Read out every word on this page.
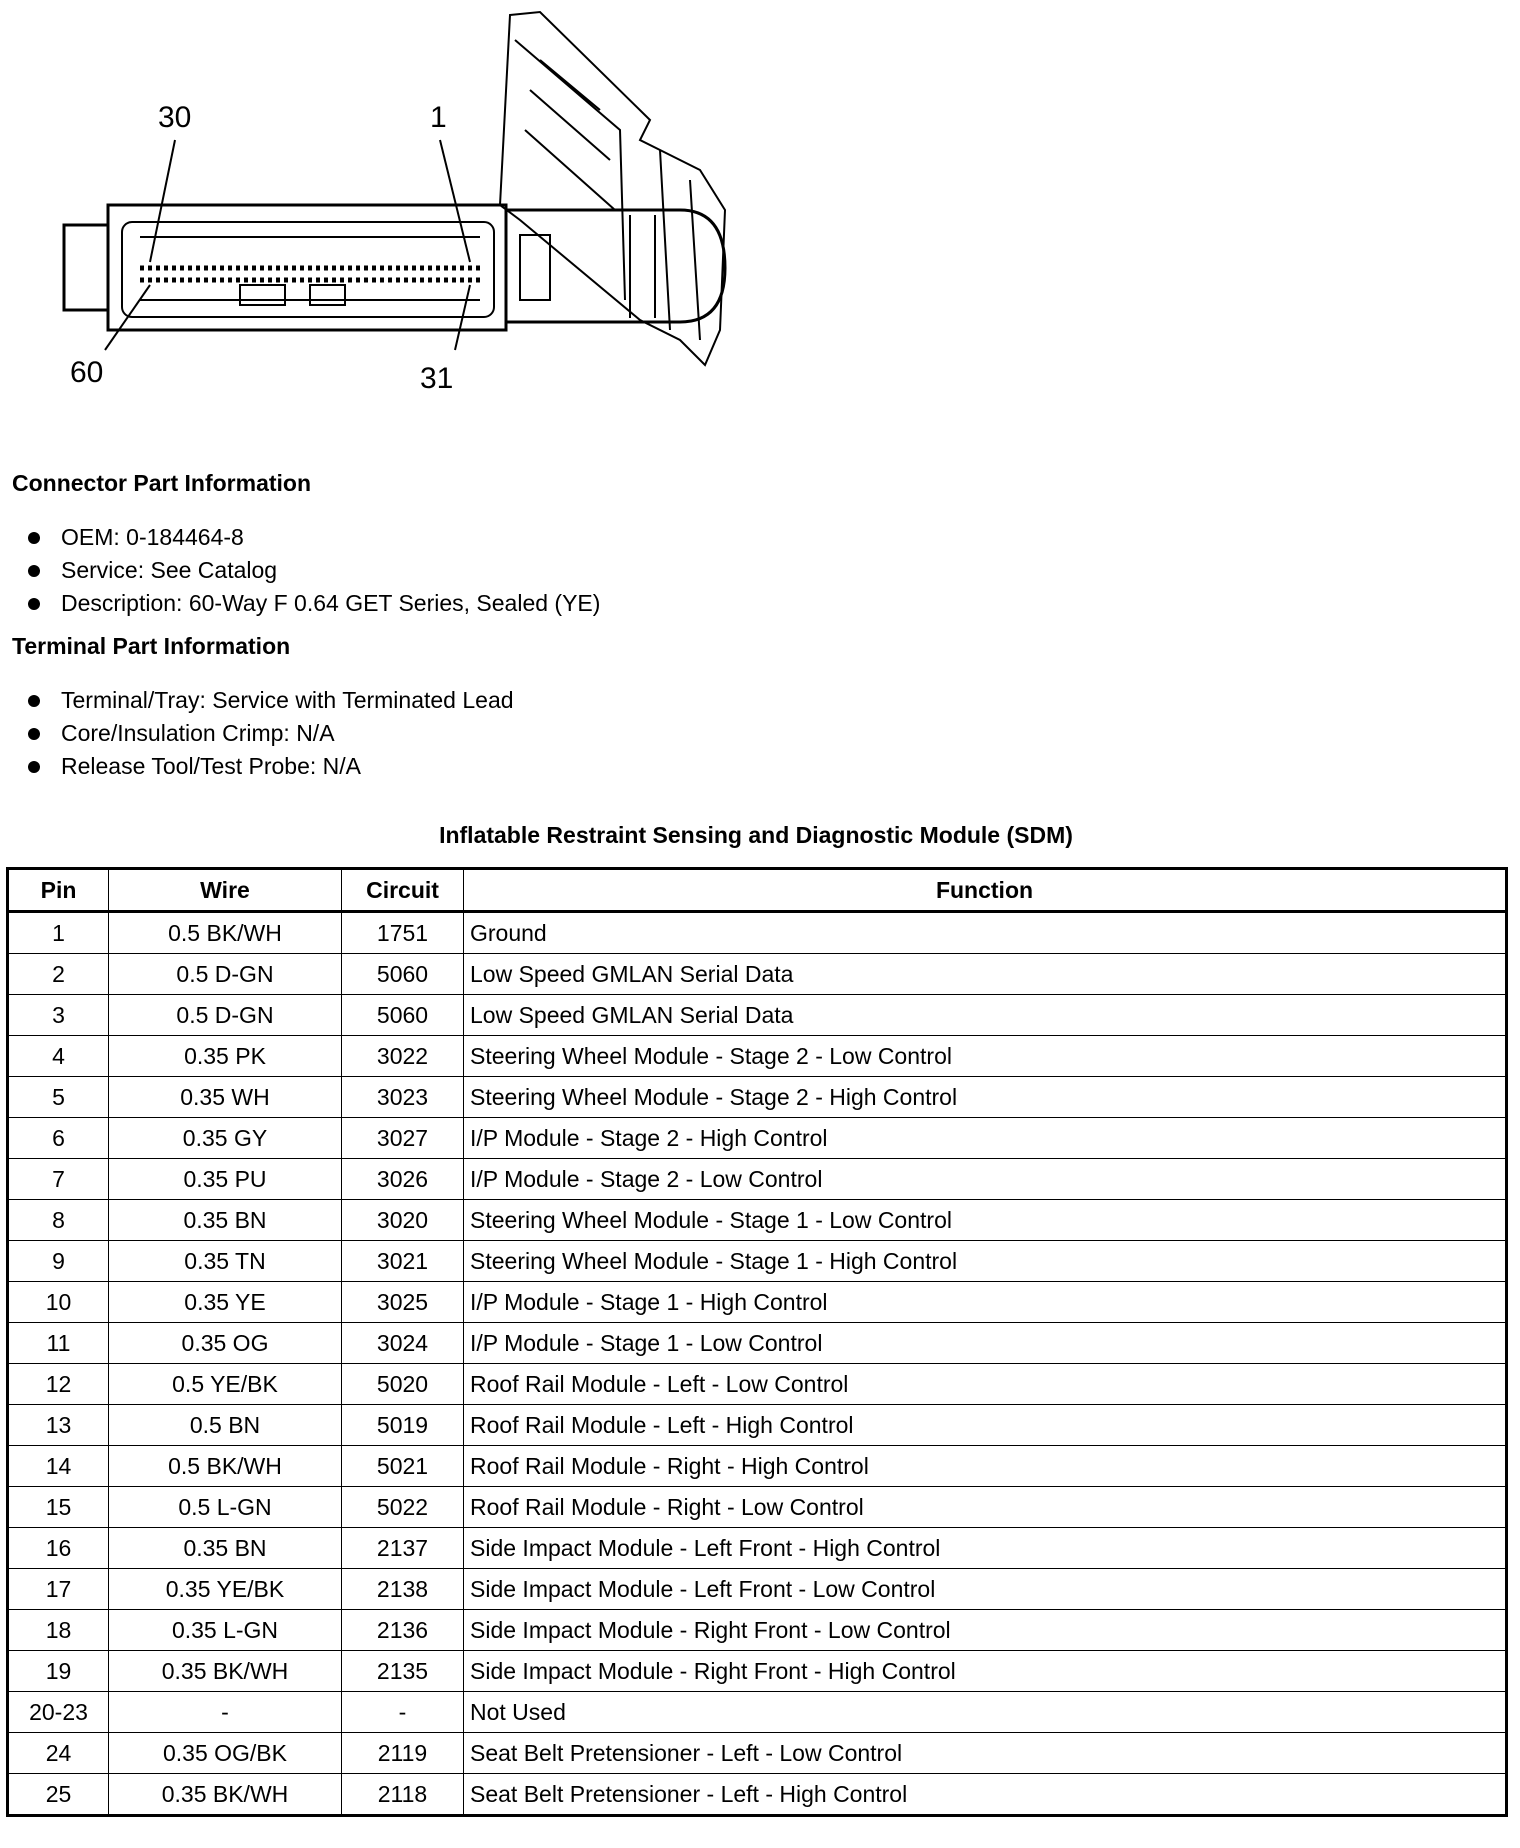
30	1
60	31
Connector Part Information
OEM: 0-184464-8
Service: See Catalog
Description: 60-Way F 0.64 GET Series, Sealed (YE)
Terminal Part Information
Terminal/Tray: Service with Terminated Lead
Core/Insulation Crimp: N/A
Release Tool/Test Probe: N/A
Inflatable Restraint Sensing and Diagnostic Module (SDM)
Pin	Wire	Circuit	Function
1	0.5 BK/WH	1751	Ground
2	0.5 D-GN	5060	Low Speed GMLAN Serial Data
3	0.5 D-GN	5060	Low Speed GMLAN Serial Data
4	0.35 PK	3022	Steering Wheel Module - Stage 2 - Low Control
5	0.35 WH	3023	Steering Wheel Module - Stage 2 - High Control
6	0.35 GY	3027	I/P Module - Stage 2 - High Control
7	0.35 PU	3026	I/P Module - Stage 2 - Low Control
8	0.35 BN	3020	Steering Wheel Module - Stage 1 - Low Control
9	0.35 TN	3021	Steering Wheel Module - Stage 1 - High Control
10	0.35 YE	3025	I/P Module - Stage 1 - High Control
11	0.35 OG	3024	I/P Module - Stage 1 - Low Control
12	0.5 YE/BK	5020	Roof Rail Module - Left - Low Control
13	0.5 BN	5019	Roof Rail Module - Left - High Control
14	0.5 BK/WH	5021	Roof Rail Module - Right - High Control
15	0.5 L-GN	5022	Roof Rail Module - Right - Low Control
16	0.35 BN	2137	Side Impact Module - Left Front - High Control
17	0.35 YE/BK	2138	Side Impact Module - Left Front - Low Control
18	0.35 L-GN	2136	Side Impact Module - Right Front - Low Control
19	0.35 BK/WH	2135	Side Impact Module - Right Front - High Control
20-23	-	-	Not Used
24	0.35 OG/BK	2119	Seat Belt Pretensioner - Left - Low Control
25	0.35 BK/WH	2118	Seat Belt Pretensioner - Left - High Control
